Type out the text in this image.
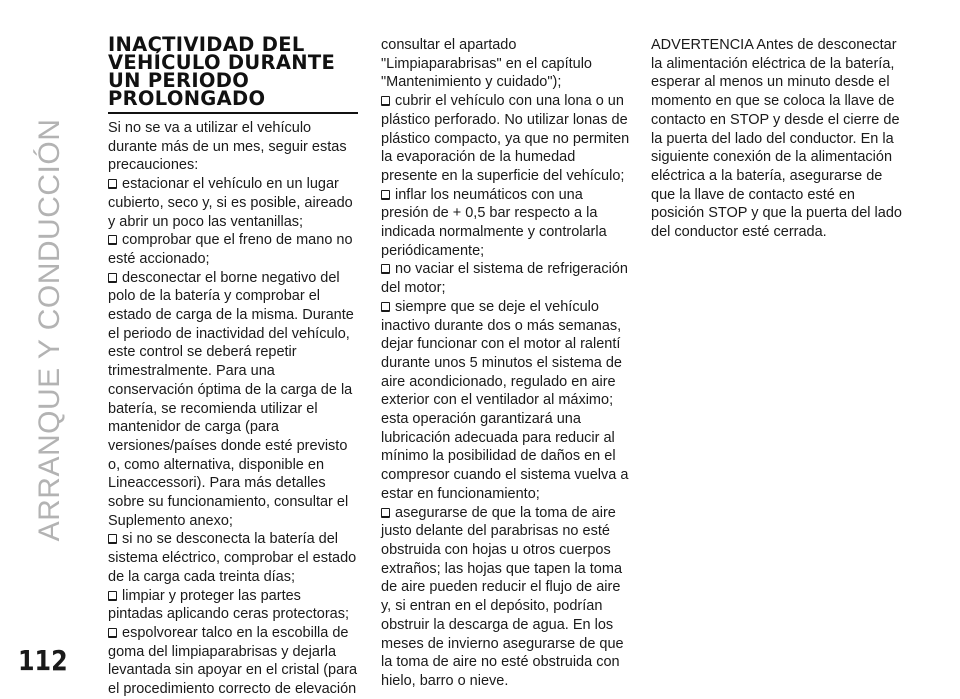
ARRANQUE Y CONDUCCIÓN
112
INACTIVIDAD DEL VEHÍCULO DURANTE UN PERIODO PROLONGADO

Si no se va a utilizar el vehículo durante más de un mes, seguir estas precauciones:

estacionar el vehículo en un lugar cubierto, seco y, si es posible, aireado y abrir un poco las ventanillas;

comprobar que el freno de mano no esté accionado;

desconectar el borne negativo del polo de la batería y comprobar el estado de carga de la misma. Durante el periodo de inactividad del vehículo, este control se deberá repetir trimestralmente. Para una conservación óptima de la carga de la batería, se recomienda utilizar el mantenidor de carga (para versiones/países donde esté previsto o, como alternativa, disponible en Lineaccessori). Para más detalles sobre su funcionamiento, consultar el Suplemento anexo;

si no se desconecta la batería del sistema eléctrico, comprobar el estado de la carga cada treinta días;

limpiar y proteger las partes pintadas aplicando ceras protectoras;

espolvorear talco en la escobilla de goma del limpiaparabrisas y dejarla levantada sin apoyar en el cristal (para el procedimiento correcto de elevación

consultar el apartado "Limpiaparabrisas" en el capítulo "Mantenimiento y cuidado");

cubrir el vehículo con una lona o un plástico perforado. No utilizar lonas de plástico compacto, ya que no permiten la evaporación de la humedad presente en la superficie del vehículo;

inflar los neumáticos con una presión de + 0,5 bar respecto a la indicada normalmente y controlarla periódicamente;

no vaciar el sistema de refrigeración del motor;

siempre que se deje el vehículo inactivo durante dos o más semanas, dejar funcionar con el motor al ralentí durante unos 5 minutos el sistema de aire acondicionado, regulado en aire exterior con el ventilador al máximo; esta operación garantizará una lubricación adecuada para reducir al mínimo la posibilidad de daños en el compresor cuando el sistema vuelva a estar en funcionamiento;

asegurarse de que la toma de aire justo delante del parabrisas no esté obstruida con hojas u otros cuerpos extraños; las hojas que tapen la toma de aire pueden reducir el flujo de aire y, si entran en el depósito, podrían obstruir la descarga de agua. En los meses de invierno asegurarse de que la toma de aire no esté obstruida con hielo, barro o nieve.

ADVERTENCIA Antes de desconectar la alimentación eléctrica de la batería, esperar al menos un minuto desde el momento en que se coloca la llave de contacto en STOP y desde el cierre de la puerta del lado del conductor. En la siguiente conexión de la alimentación eléctrica a la batería, asegurarse de que la llave de contacto esté en posición STOP y que la puerta del lado del conductor esté cerrada.
